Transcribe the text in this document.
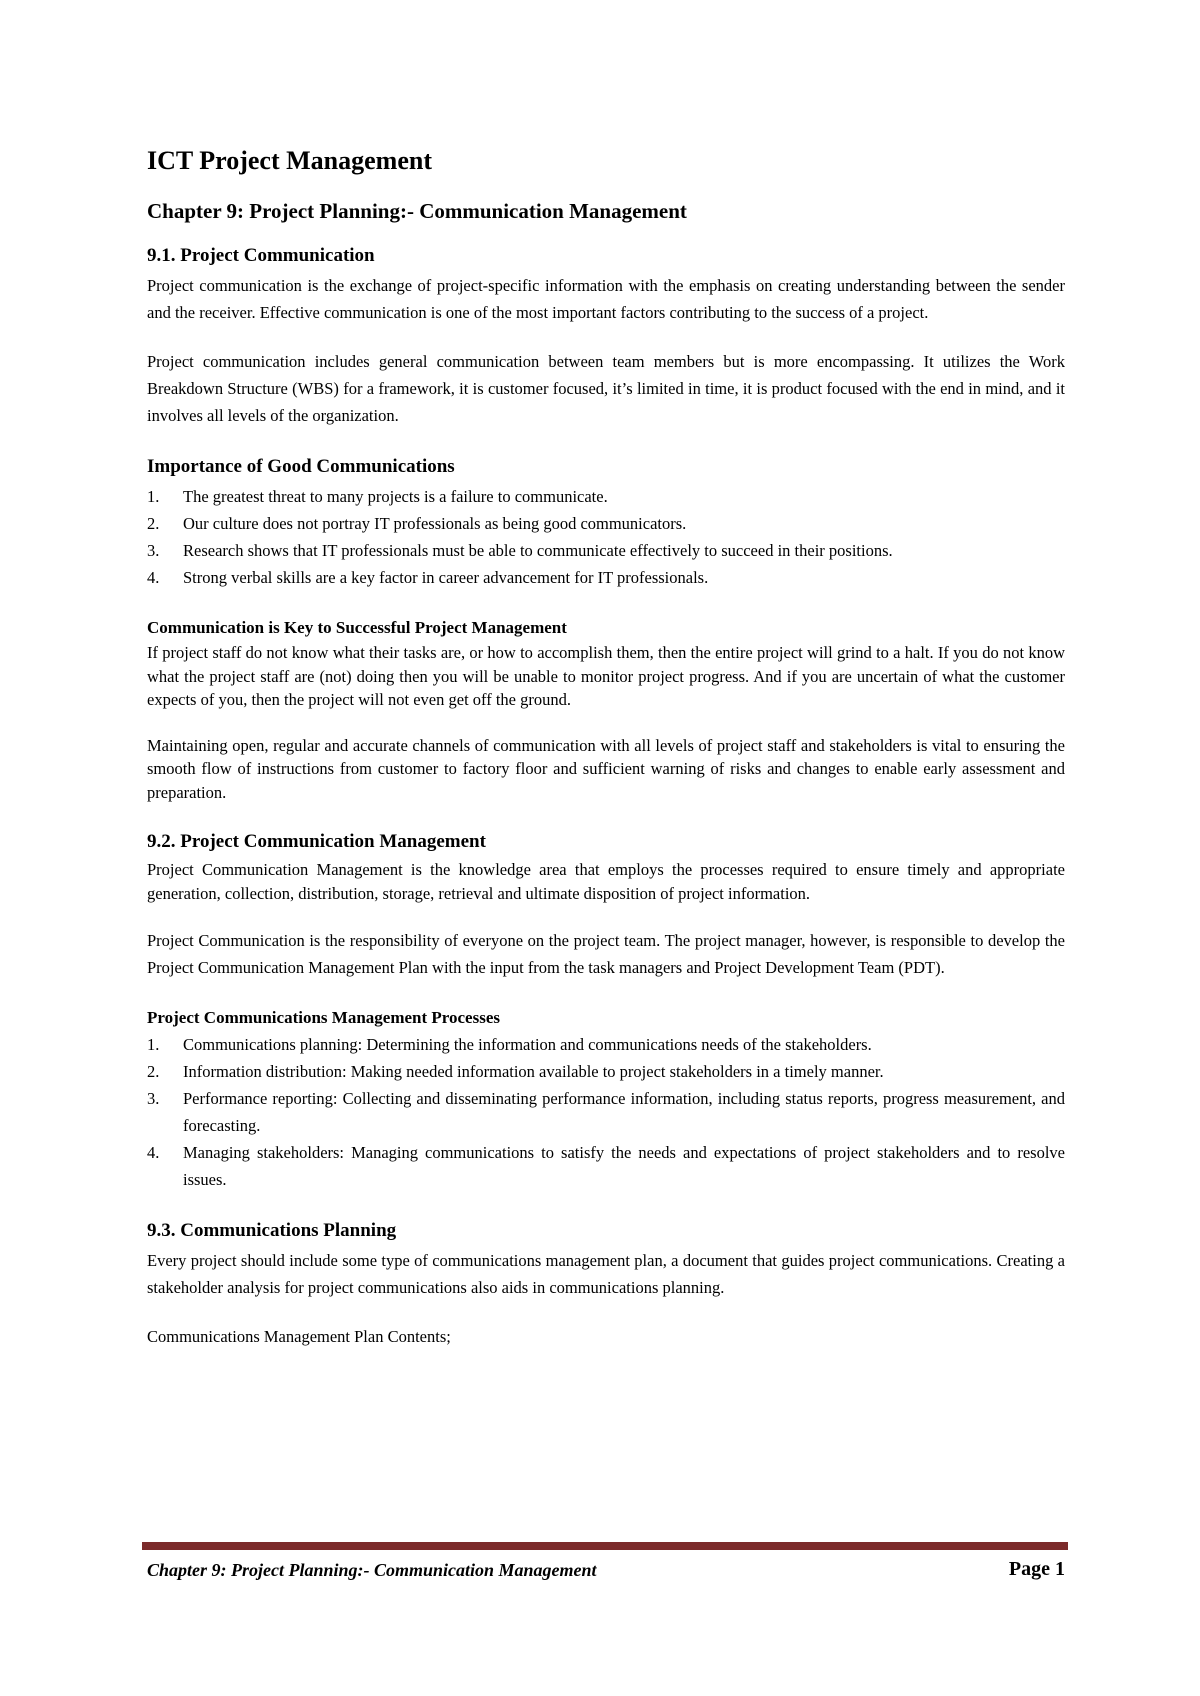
ICT Project Management
Chapter 9: Project Planning:- Communication Management
9.1. Project Communication

Project communication is the exchange of project-specific information with the emphasis on creating understanding between the sender and the receiver. Effective communication is one of the most important factors contributing to the success of a project.

Project communication includes general communication between team members but is more encompassing. It utilizes the Work Breakdown Structure (WBS) for a framework, it is customer focused, it’s limited in time, it is product focused with the end in mind, and it involves all levels of the organization.

Importance of Good Communications
1. The greatest threat to many projects is a failure to communicate.
2. Our culture does not portray IT professionals as being good communicators.
3. Research shows that IT professionals must be able to communicate effectively to succeed in their positions.
4. Strong verbal skills are a key factor in career advancement for IT professionals.
Communication is Key to Successful Project Management

If project staff do not know what their tasks are, or how to accomplish them, then the entire project will grind to a halt. If you do not know what the project staff are (not) doing then you will be unable to monitor project progress. And if you are uncertain of what the customer expects of you, then the project will not even get off the ground.

Maintaining open, regular and accurate channels of communication with all levels of project staff and stakeholders is vital to ensuring the smooth flow of instructions from customer to factory floor and sufficient warning of risks and changes to enable early assessment and preparation.

9.2. Project Communication Management

Project Communication Management is the knowledge area that employs the processes required to ensure timely and appropriate generation, collection, distribution, storage, retrieval and ultimate disposition of project information.

Project Communication is the responsibility of everyone on the project team. The project manager, however, is responsible to develop the Project Communication Management Plan with the input from the task managers and Project Development Team (PDT).

Project Communications Management Processes
1. Communications planning: Determining the information and communications needs of the stakeholders.
2. Information distribution: Making needed information available to project stakeholders in a timely manner.
3. Performance reporting: Collecting and disseminating performance information, including status reports, progress measurement, and forecasting.
4. Managing stakeholders: Managing communications to satisfy the needs and expectations of project stakeholders and to resolve issues.
9.3. Communications Planning

Every project should include some type of communications management plan, a document that guides project communications. Creating a stakeholder analysis for project communications also aids in communications planning.

Communications Management Plan Contents;

Chapter 9: Project Planning:- Communication Management	Page 1
